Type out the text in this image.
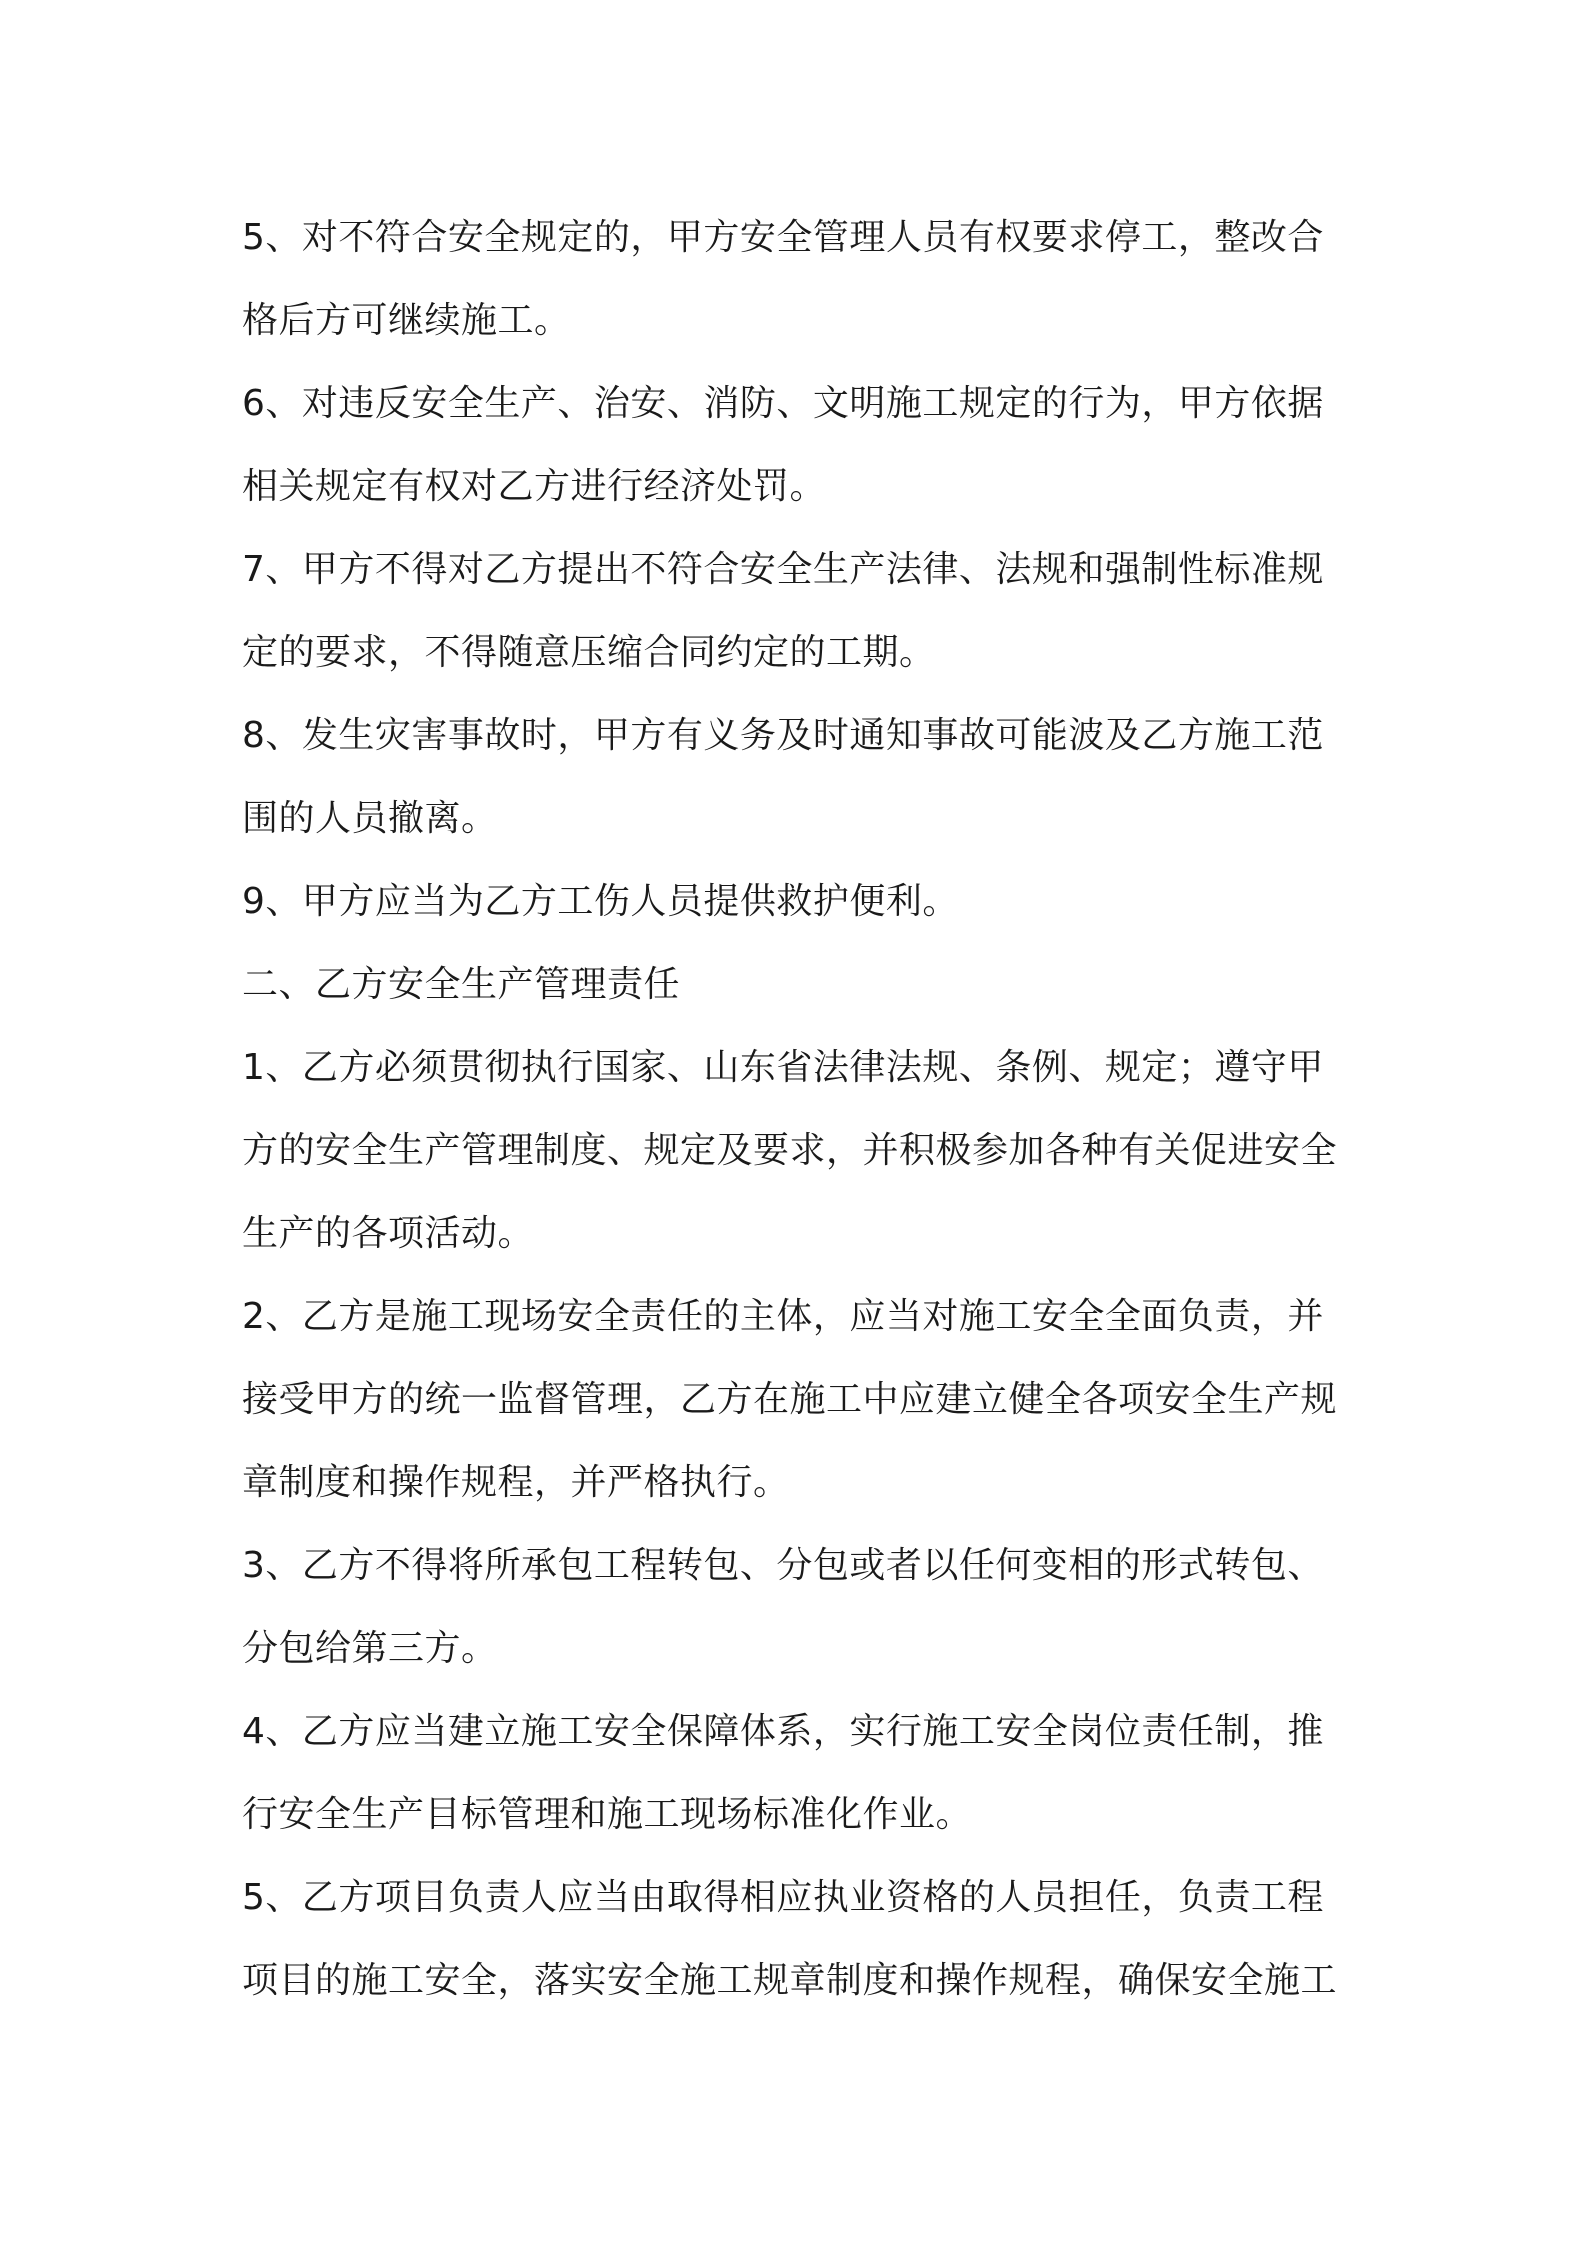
5、对不符合安全规定的，甲方安全管理人员有权要求停工，整改合
格后方可继续施工。
6、对违反安全生产、治安、消防、文明施工规定的行为，甲方依据
相关规定有权对乙方进行经济处罚。
7、甲方不得对乙方提出不符合安全生产法律、法规和强制性标准规
定的要求，不得随意压缩合同约定的工期。
8、发生灾害事故时，甲方有义务及时通知事故可能波及乙方施工范
围的人员撤离。
9、甲方应当为乙方工伤人员提供救护便利。
二、乙方安全生产管理责任
1、乙方必须贯彻执行国家、山东省法律法规、条例、规定；遵守甲
方的安全生产管理制度、规定及要求，并积极参加各种有关促进安全
生产的各项活动。
2、乙方是施工现场安全责任的主体，应当对施工安全全面负责，并
接受甲方的统一监督管理，乙方在施工中应建立健全各项安全生产规
章制度和操作规程，并严格执行。
3、乙方不得将所承包工程转包、分包或者以任何变相的形式转包、
分包给第三方。
4、乙方应当建立施工安全保障体系，实行施工安全岗位责任制，推
行安全生产目标管理和施工现场标准化作业。
5、乙方项目负责人应当由取得相应执业资格的人员担任，负责工程
项目的施工安全，落实安全施工规章制度和操作规程，确保安全施工
